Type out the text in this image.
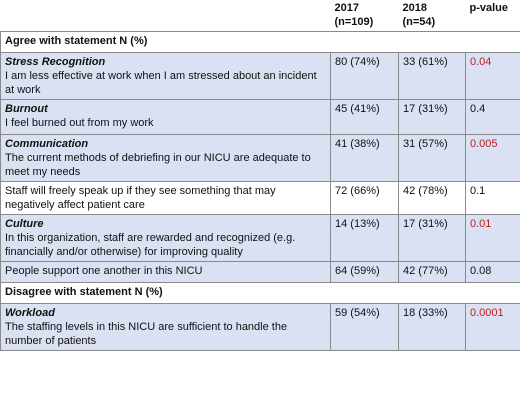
	2017
(n=109)	2018
(n=54)	p-value
Agree with statement N (%)			

Stress Recognition
I am less effective at work when I am stressed about an incident at work	80 (74%)	33 (61%)	0.04

Burnout
I feel burned out from my work	45 (41%)	17 (31%)	0.4

Communication
The current methods of debriefing in our NICU are adequate to meet my needs	41 (38%)	31 (57%)	0.005
Staff will freely speak up if they see something that may negatively affect patient care	72 (66%)	42 (78%)	0.1

Culture
In this organization, staff are rewarded and recognized (e.g. financially and/or otherwise) for improving quality	14 (13%)	17 (31%)	0.01
People support one another in this NICU	64 (59%)	42 (77%)	0.08
Disagree with statement N (%)			

Workload
The staffing levels in this NICU are sufficient to handle the number of patients	59 (54%)	18 (33%)	0.0001
